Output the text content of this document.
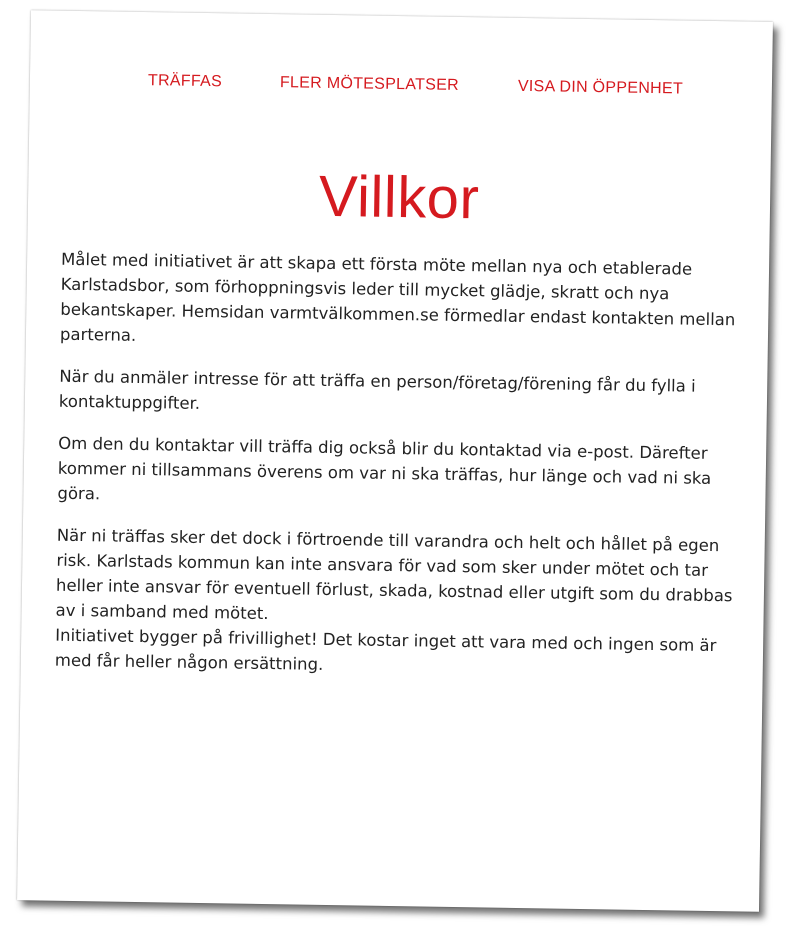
TRÄFFAS	FLER MÖTESPLATSER	VISA DIN ÖPPENHET
Villkor

Målet med initiativet är att skapa ett första möte mellan nya och etablerade Karlstadsbor, som förhoppningsvis leder till mycket glädje, skratt och nya bekantskaper. Hemsidan varmtvälkommen.se förmedlar endast kontakten mellan parterna.

När du anmäler intresse för att träffa en person/företag/förening får du fylla i kontaktuppgifter.

Om den du kontaktar vill träffa dig också blir du kontaktad via e-post. Därefter kommer ni tillsammans överens om var ni ska träffas, hur länge och vad ni ska göra.

När ni träffas sker det dock i förtroende till varandra och helt och hållet på egen risk. Karlstads kommun kan inte ansvara för vad som sker under mötet och tar heller inte ansvar för eventuell förlust, skada, kostnad eller utgift som du drabbas av i samband med mötet.

Initiativet bygger på frivillighet! Det kostar inget att vara med och ingen som är med får heller någon ersättning.
